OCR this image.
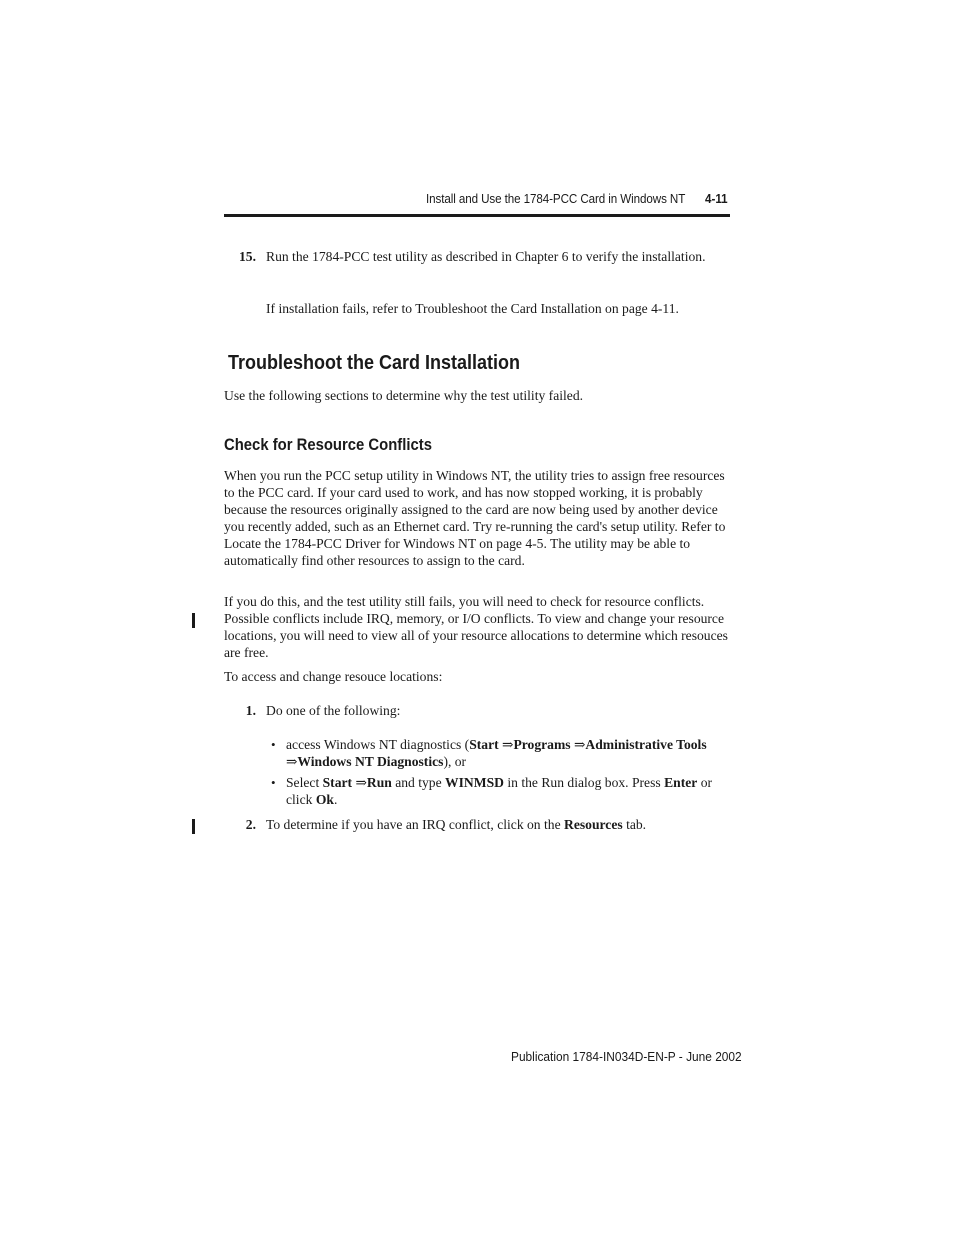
Install and Use the 1784-PCC Card in Windows NT 4-11
15. Run the 1784-PCC test utility as described in Chapter 6 to verify the installation.
If installation fails, refer to Troubleshoot the Card Installation on page 4-11.
Troubleshoot the Card Installation
Use the following sections to determine why the test utility failed.
Check for Resource Conflicts
When you run the PCC setup utility in Windows NT, the utility tries to assign free resources to the PCC card. If your card used to work, and has now stopped working, it is probably because the resources originally assigned to the card are now being used by another device you recently added, such as an Ethernet card. Try re-running the card's setup utility. Refer to Locate the 1784-PCC Driver for Windows NT on page 4-5. The utility may be able to automatically find other resources to assign to the card.
If you do this, and the test utility still fails, you will need to check for resource conflicts. Possible conflicts include IRQ, memory, or I/O conflicts. To view and change your resource locations, you will need to view all of your resource allocations to determine which resouces are free.
To access and change resouce locations:
1. Do one of the following:
• access Windows NT diagnostics (Start ⇒Programs ⇒Administrative Tools ⇒Windows NT Diagnostics), or
• Select Start ⇒Run and type WINMSD in the Run dialog box. Press Enter or click Ok.
2. To determine if you have an IRQ conflict, click on the Resources tab.
Publication 1784-IN034D-EN-P - June 2002
